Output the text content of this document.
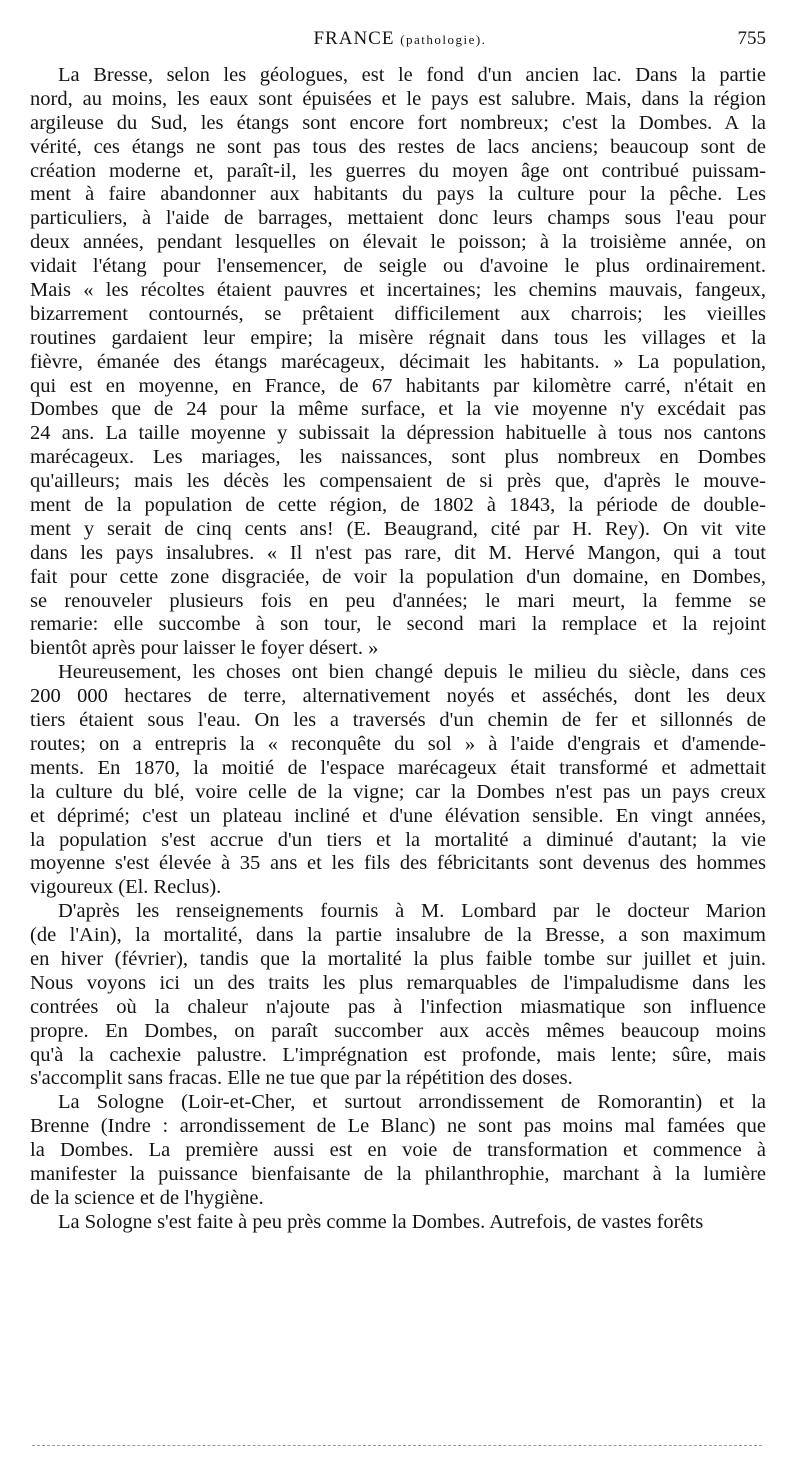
FRANCE (pathologie).	755
La Bresse, selon les géologues, est le fond d'un ancien lac. Dans la partie
nord, au moins, les eaux sont épuisées et le pays est salubre. Mais, dans la région
argileuse du Sud, les étangs sont encore fort nombreux; c'est la Dombes. A la
vérité, ces étangs ne sont pas tous des restes de lacs anciens; beaucoup sont de
création moderne et, paraît-il, les guerres du moyen âge ont contribué puissam-
ment à faire abandonner aux habitants du pays la culture pour la pêche. Les
particuliers, à l'aide de barrages, mettaient donc leurs champs sous l'eau pour
deux années, pendant lesquelles on élevait le poisson; à la troisième année, on
vidait l'étang pour l'ensemencer, de seigle ou d'avoine le plus ordinairement.
Mais « les récoltes étaient pauvres et incertaines; les chemins mauvais, fangeux,
bizarrement contournés, se prêtaient difficilement aux charrois; les vieilles
routines gardaient leur empire; la misère régnait dans tous les villages et la
fièvre, émanée des étangs marécageux, décimait les habitants. » La population,
qui est en moyenne, en France, de 67 habitants par kilomètre carré, n'était en
Dombes que de 24 pour la même surface, et la vie moyenne n'y excédait pas
24 ans. La taille moyenne y subissait la dépression habituelle à tous nos cantons
marécageux. Les mariages, les naissances, sont plus nombreux en Dombes
qu'ailleurs; mais les décès les compensaient de si près que, d'après le mouve-
ment de la population de cette région, de 1802 à 1843, la période de double-
ment y serait de cinq cents ans! (E. Beaugrand, cité par H. Rey). On vit vite
dans les pays insalubres. « Il n'est pas rare, dit M. Hervé Mangon, qui a tout
fait pour cette zone disgraciée, de voir la population d'un domaine, en Dombes,
se renouveler plusieurs fois en peu d'années; le mari meurt, la femme se
remarie: elle succombe à son tour, le second mari la remplace et la rejoint
bientôt après pour laisser le foyer désert. »
Heureusement, les choses ont bien changé depuis le milieu du siècle, dans ces
200 000 hectares de terre, alternativement noyés et asséchés, dont les deux
tiers étaient sous l'eau. On les a traversés d'un chemin de fer et sillonnés de
routes; on a entrepris la « reconquête du sol » à l'aide d'engrais et d'amende-
ments. En 1870, la moitié de l'espace marécageux était transformé et admettait
la culture du blé, voire celle de la vigne; car la Dombes n'est pas un pays creux
et déprimé; c'est un plateau incliné et d'une élévation sensible. En vingt années,
la population s'est accrue d'un tiers et la mortalité a diminué d'autant; la vie
moyenne s'est élevée à 35 ans et les fils des fébricitants sont devenus des hommes
vigoureux (El. Reclus).
D'après les renseignements fournis à M. Lombard par le docteur Marion
(de l'Ain), la mortalité, dans la partie insalubre de la Bresse, a son maximum
en hiver (février), tandis que la mortalité la plus faible tombe sur juillet et juin.
Nous voyons ici un des traits les plus remarquables de l'impaludisme dans les
contrées où la chaleur n'ajoute pas à l'infection miasmatique son influence
propre. En Dombes, on paraît succomber aux accès mêmes beaucoup moins
qu'à la cachexie palustre. L'imprégnation est profonde, mais lente; sûre, mais
s'accomplit sans fracas. Elle ne tue que par la répétition des doses.
La Sologne (Loir-et-Cher, et surtout arrondissement de Romorantin) et la
Brenne (Indre : arrondissement de Le Blanc) ne sont pas moins mal famées que
la Dombes. La première aussi est en voie de transformation et commence à
manifester la puissance bienfaisante de la philanthrophie, marchant à la lumière
de la science et de l'hygiène.
La Sologne s'est faite à peu près comme la Dombes. Autrefois, de vastes forêts
